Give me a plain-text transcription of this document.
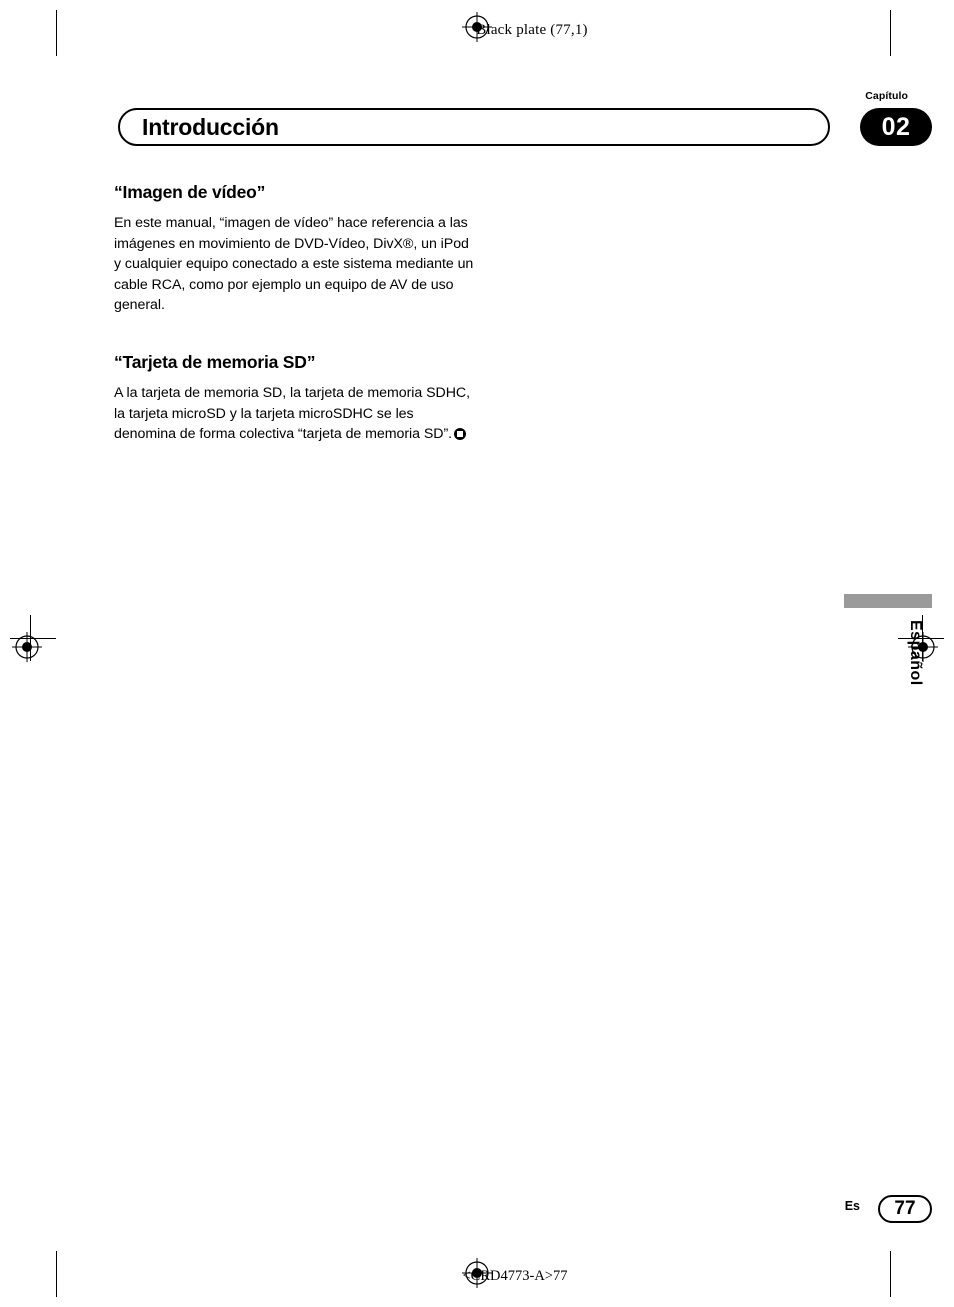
Black plate (77,1)
Capítulo
02
Introducción
“Imagen de vídeo”

En este manual, “imagen de vídeo” hace referencia a las imágenes en movimiento de DVD-Vídeo, DivX®, un iPod y cualquier equipo conectado a este sistema mediante un cable RCA, como por ejemplo un equipo de AV de uso general.

“Tarjeta de memoria SD”

A la tarjeta de memoria SD, la tarjeta de memoria SDHC, la tarjeta microSD y la tarjeta microSDHC se les denomina de forma colectiva “tarjeta de memoria SD”.

Español
Es	77
<CRD4773-A>77
